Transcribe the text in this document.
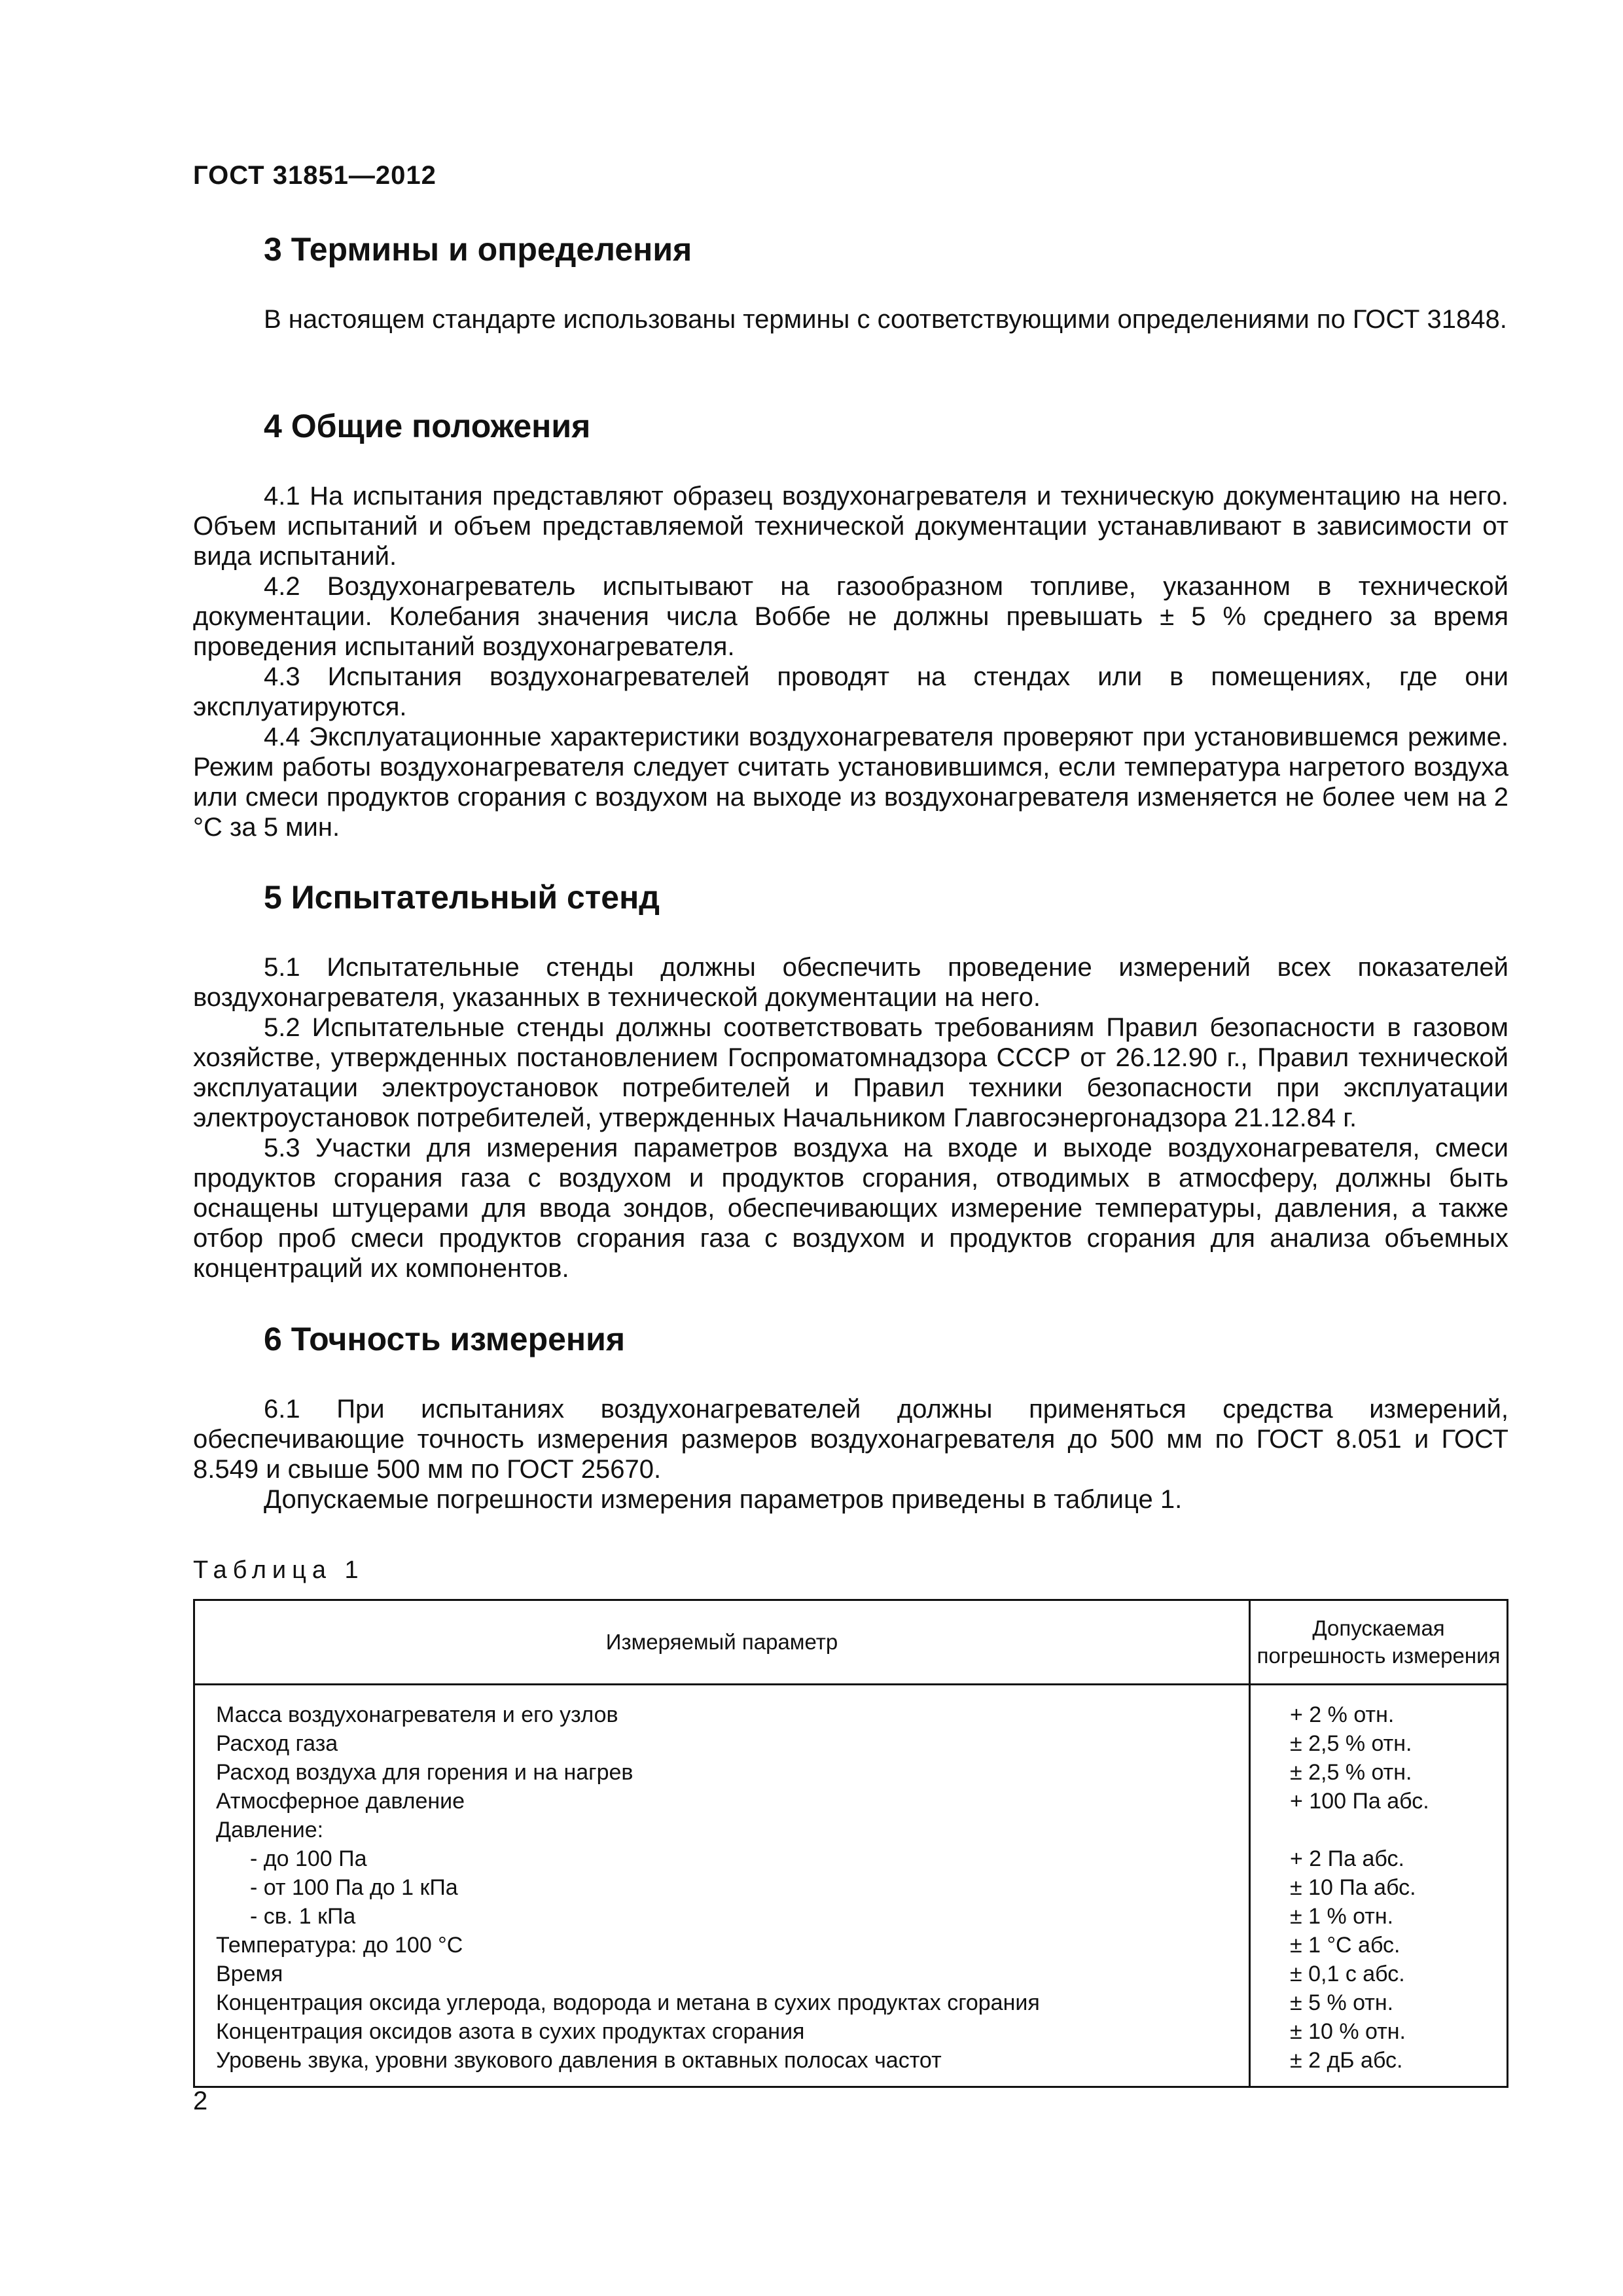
ГОСТ 31851—2012
3 Термины и определения
В настоящем стандарте использованы термины с соответствующими определениями по ГОСТ 31848.
4 Общие положения
4.1 На испытания представляют образец воздухонагревателя и техническую документацию на него. Объем испытаний и объем представляемой технической документации устанавливают в зависимости от вида испытаний.
4.2 Воздухонагреватель испытывают на газообразном топливе, указанном в технической документации. Колебания значения числа Воббе не должны превышать ± 5 % среднего за время проведения испытаний воздухонагревателя.
4.3 Испытания воздухонагревателей проводят на стендах или в помещениях, где они эксплуатируются.
4.4 Эксплуатационные характеристики воздухонагревателя проверяют при установившемся режиме. Режим работы воздухонагревателя следует считать установившимся, если температура нагретого воздуха или смеси продуктов сгорания с воздухом на выходе из воздухонагревателя изменяется не более чем на 2 °С за 5 мин.
5 Испытательный стенд
5.1 Испытательные стенды должны обеспечить проведение измерений всех показателей воздухонагревателя, указанных в технической документации на него.
5.2 Испытательные стенды должны соответствовать требованиям Правил безопасности в газовом хозяйстве, утвержденных постановлением Госпроматомнадзора СССР от 26.12.90 г., Правил технической эксплуатации электроустановок потребителей и Правил техники безопасности при эксплуатации электроустановок потребителей, утвержденных Начальником Главгосэнергонадзора 21.12.84 г.
5.3 Участки для измерения параметров воздуха на входе и выходе воздухонагревателя, смеси продуктов сгорания газа с воздухом и продуктов сгорания, отводимых в атмосферу, должны быть оснащены штуцерами для ввода зондов, обеспечивающих измерение температуры, давления, а также отбор проб смеси продуктов сгорания газа с воздухом и продуктов сгорания для анализа объемных концентраций их компонентов.
6 Точность измерения
6.1 При испытаниях воздухонагревателей должны применяться средства измерений, обеспечивающие точность измерения размеров воздухонагревателя до 500 мм по ГОСТ 8.051 и ГОСТ 8.549 и свыше 500 мм по ГОСТ 25670.
Допускаемые погрешности измерения параметров приведены в таблице 1.
Таблица 1
Измеряемый параметр	Допускаемая
погрешность измерения

Масса воздухонагревателя и его узлов	+ 2 % отн.
Расход газа	± 2,5 % отн.
Расход воздуха для горения и на нагрев	± 2,5 % отн.
Атмосферное давление	+ 100 Па абс.
Давление:	
- до 100 Па	+ 2 Па абс.
- от 100 Па до 1 кПа	± 10 Па абс.
- св. 1 кПа	± 1 % отн.
Температура: до 100 °С	± 1 °С абс.
Время	± 0,1 с абс.
Концентрация оксида углерода, водорода и метана в сухих продуктах сгорания	± 5 % отн.
Концентрация оксидов азота в сухих продуктах сгорания	± 10 % отн.
Уровень звука, уровни звукового давления в октавных полосах частот	± 2 дБ абс.
2
